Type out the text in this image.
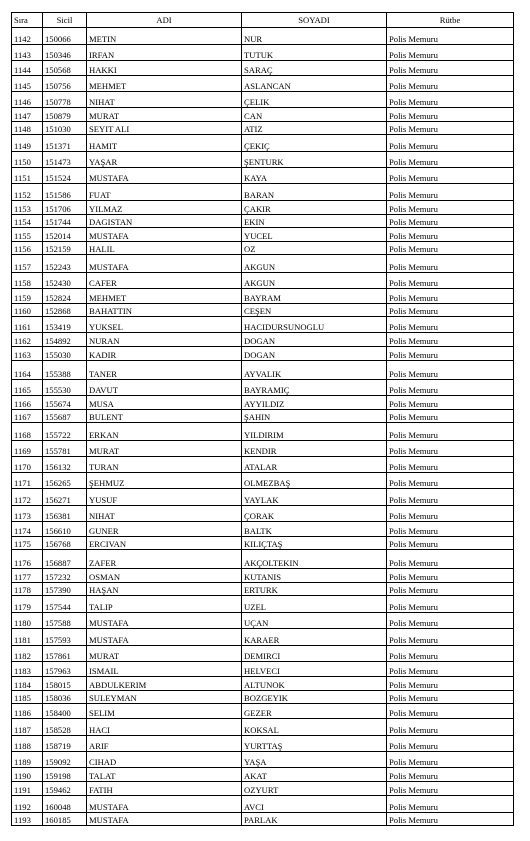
Sıra	Sicil	ADI	SOYADI	Rütbe
1142	150066	METIN	NUR	Polis Memuru
1143	150346	IRFAN	TUTUK	Polis Memuru
1144	150568	HAKKI	SARAÇ	Polis Memuru
1145	150756	MEHMET	ASLANCAN	Polis Memuru
1146	150778	NIHAT	ÇELIK	Polis Memuru
1147	150879	MURAT	CAN	Polis Memuru
1148	151030	SEYIT ALI	ATIZ	Polis Memuru
1149	151371	HAMIT	ÇEKIÇ	Polis Memuru
1150	151473	YAŞAR	ŞENTURK	Polis Memuru
1151	151524	MUSTAFA	KAYA	Polis Memuru
1152	151586	FUAT	BARAN	Polis Memuru
1153	151706	YILMAZ	ÇAKIR	Polis Memuru
1154	151744	DAGISTAN	EKIN	Polis Memuru
1155	152014	MUSTAFA	YUCEL	Polis Memuru
1156	152159	HALIL	OZ	Polis Memuru
1157	152243	MUSTAFA	AKGUN	Polis Memuru
1158	152430	CAFER	AKGUN	Polis Memuru
1159	152824	MEHMET	BAYRAM	Polis Memuru
1160	152868	BAHATTIN	CEŞEN	Polis Memuru
1161	153419	YUKSEL	HACIDURSUNOGLU	Polis Memuru
1162	154892	NURAN	DOGAN	Polis Memuru
1163	155030	KADIR	DOGAN	Polis Memuru
1164	155388	TANER	AYVALIK	Polis Memuru
1165	155530	DAVUT	BAYRAMIÇ	Polis Memuru
1166	155674	MUSA	AYYILDIZ	Polis Memuru
1167	155687	BULENT	ŞAHIN	Polis Memuru
1168	155722	ERKAN	YILDIRIM	Polis Memuru
1169	155781	MURAT	KENDIR	Polis Memuru
1170	156132	TURAN	ATALAR	Polis Memuru
1171	156265	ŞEHMUZ	OLMEZBAŞ	Polis Memuru
1172	156271	YUSUF	YAYLAK	Polis Memuru
1173	156381	NIHAT	ÇORAK	Polis Memuru
1174	156610	GUNER	BALTK	Polis Memuru
1175	156768	ERCIVAN	KILIÇTAŞ	Polis Memuru
1176	156887	ZAFER	AKÇOLTEKIN	Polis Memuru
1177	157232	OSMAN	KUTANIS	Polis Memuru
1178	157390	HAŞAN	ERTURK	Polis Memuru
1179	157544	TALIP	UZEL	Polis Memuru
1180	157588	MUSTAFA	UÇAN	Polis Memuru
1181	157593	MUSTAFA	KARAER	Polis Memuru
1182	157861	MURAT	DEMIRCI	Polis Memuru
1183	157963	ISMAIL	HELVECI	Polis Memuru
1184	158015	ABDULKERIM	ALTUNOK	Polis Memuru
1185	158036	SULEYMAN	BOZGEYIK	Polis Memuru
1186	158400	SELIM	GEZER	Polis Memuru
1187	158528	HACI	KOKSAL	Polis Memuru
1188	158719	ARIF	YURTTAŞ	Polis Memuru
1189	159092	CIHAD	YAŞA	Polis Memuru
1190	159198	TALAT	AKAT	Polis Memuru
1191	159462	FATIH	OZYURT	Polis Memuru
1192	160048	MUSTAFA	AVCI	Polis Memuru
1193	160185	MUSTAFA	PARLAK	Polis Memuru
